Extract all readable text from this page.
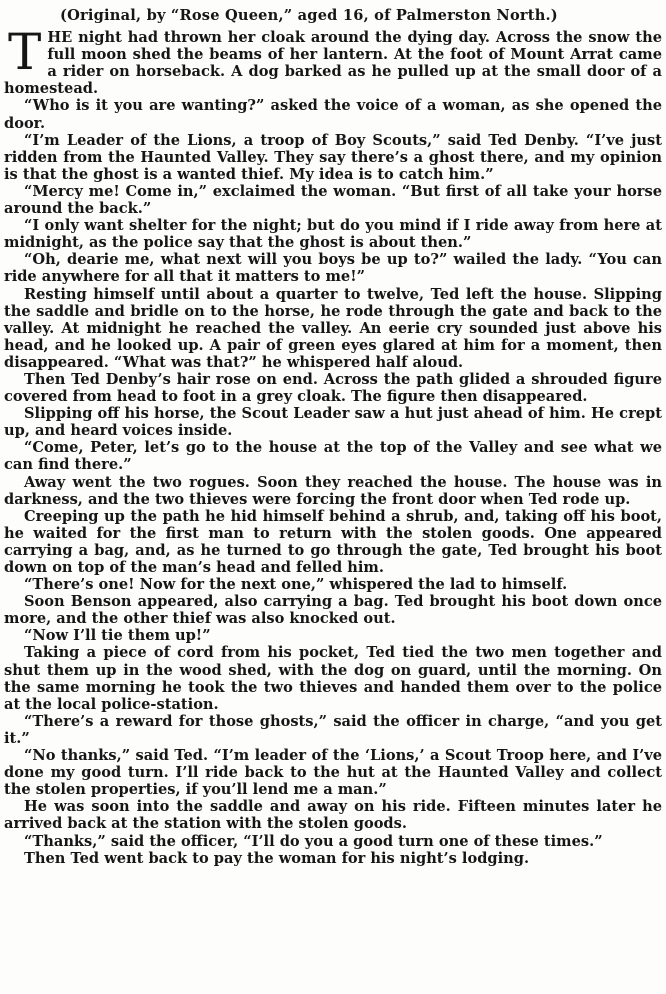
(Original, by “Rose Queen,” aged 16, of Palmerston North.)

THE night had thrown her cloak around the dying day. Across the snow the full moon shed the beams of her lantern. At the foot of Mount Arrat came a rider on horseback. A dog barked as he pulled up at the small door of a homestead.

“Who is it you are wanting?” asked the voice of a woman, as she opened the door.

“I’m Leader of the Lions, a troop of Boy Scouts,” said Ted Denby. “I’ve just ridden from the Haunted Valley. They say there’s a ghost there, and my opinion is that the ghost is a wanted thief. My idea is to catch him.”

“Mercy me! Come in,” exclaimed the woman. “But first of all take your horse around the back.”

“I only want shelter for the night; but do you mind if I ride away from here at midnight, as the police say that the ghost is about then.”

“Oh, dearie me, what next will you boys be up to?” wailed the lady. “You can ride anywhere for all that it matters to me!”

Resting himself until about a quarter to twelve, Ted left the house. Slipping the saddle and bridle on to the horse, he rode through the gate and back to the valley. At midnight he reached the valley. An eerie cry sounded just above his head, and he looked up. A pair of green eyes glared at him for a moment, then disappeared. “What was that?” he whispered half aloud.

Then Ted Denby’s hair rose on end. Across the path glided a shrouded figure covered from head to foot in a grey cloak. The figure then disappeared.

Slipping off his horse, the Scout Leader saw a hut just ahead of him. He crept up, and heard voices inside.

“Come, Peter, let’s go to the house at the top of the Valley and see what we can find there.”

Away went the two rogues. Soon they reached the house. The house was in darkness, and the two thieves were forcing the front door when Ted rode up.

Creeping up the path he hid himself behind a shrub, and, taking off his boot, he waited for the first man to return with the stolen goods. One appeared carrying a bag, and, as he turned to go through the gate, Ted brought his boot down on top of the man’s head and felled him.

“There’s one! Now for the next one,” whispered the lad to himself.

Soon Benson appeared, also carrying a bag. Ted brought his boot down once more, and the other thief was also knocked out.

“Now I’ll tie them up!”

Taking a piece of cord from his pocket, Ted tied the two men together and shut them up in the wood shed, with the dog on guard, until the morning. On the same morning he took the two thieves and handed them over to the police at the local police-station.

“There’s a reward for those ghosts,” said the officer in charge, “and you get it.”

“No thanks,” said Ted. “I’m leader of the ‘Lions,’ a Scout Troop here, and I’ve done my good turn. I’ll ride back to the hut at the Haunted Valley and collect the stolen properties, if you’ll lend me a man.”

He was soon into the saddle and away on his ride. Fifteen minutes later he arrived back at the station with the stolen goods.

“Thanks,” said the officer, “I’ll do you a good turn one of these times.”

Then Ted went back to pay the woman for his night’s lodging.
